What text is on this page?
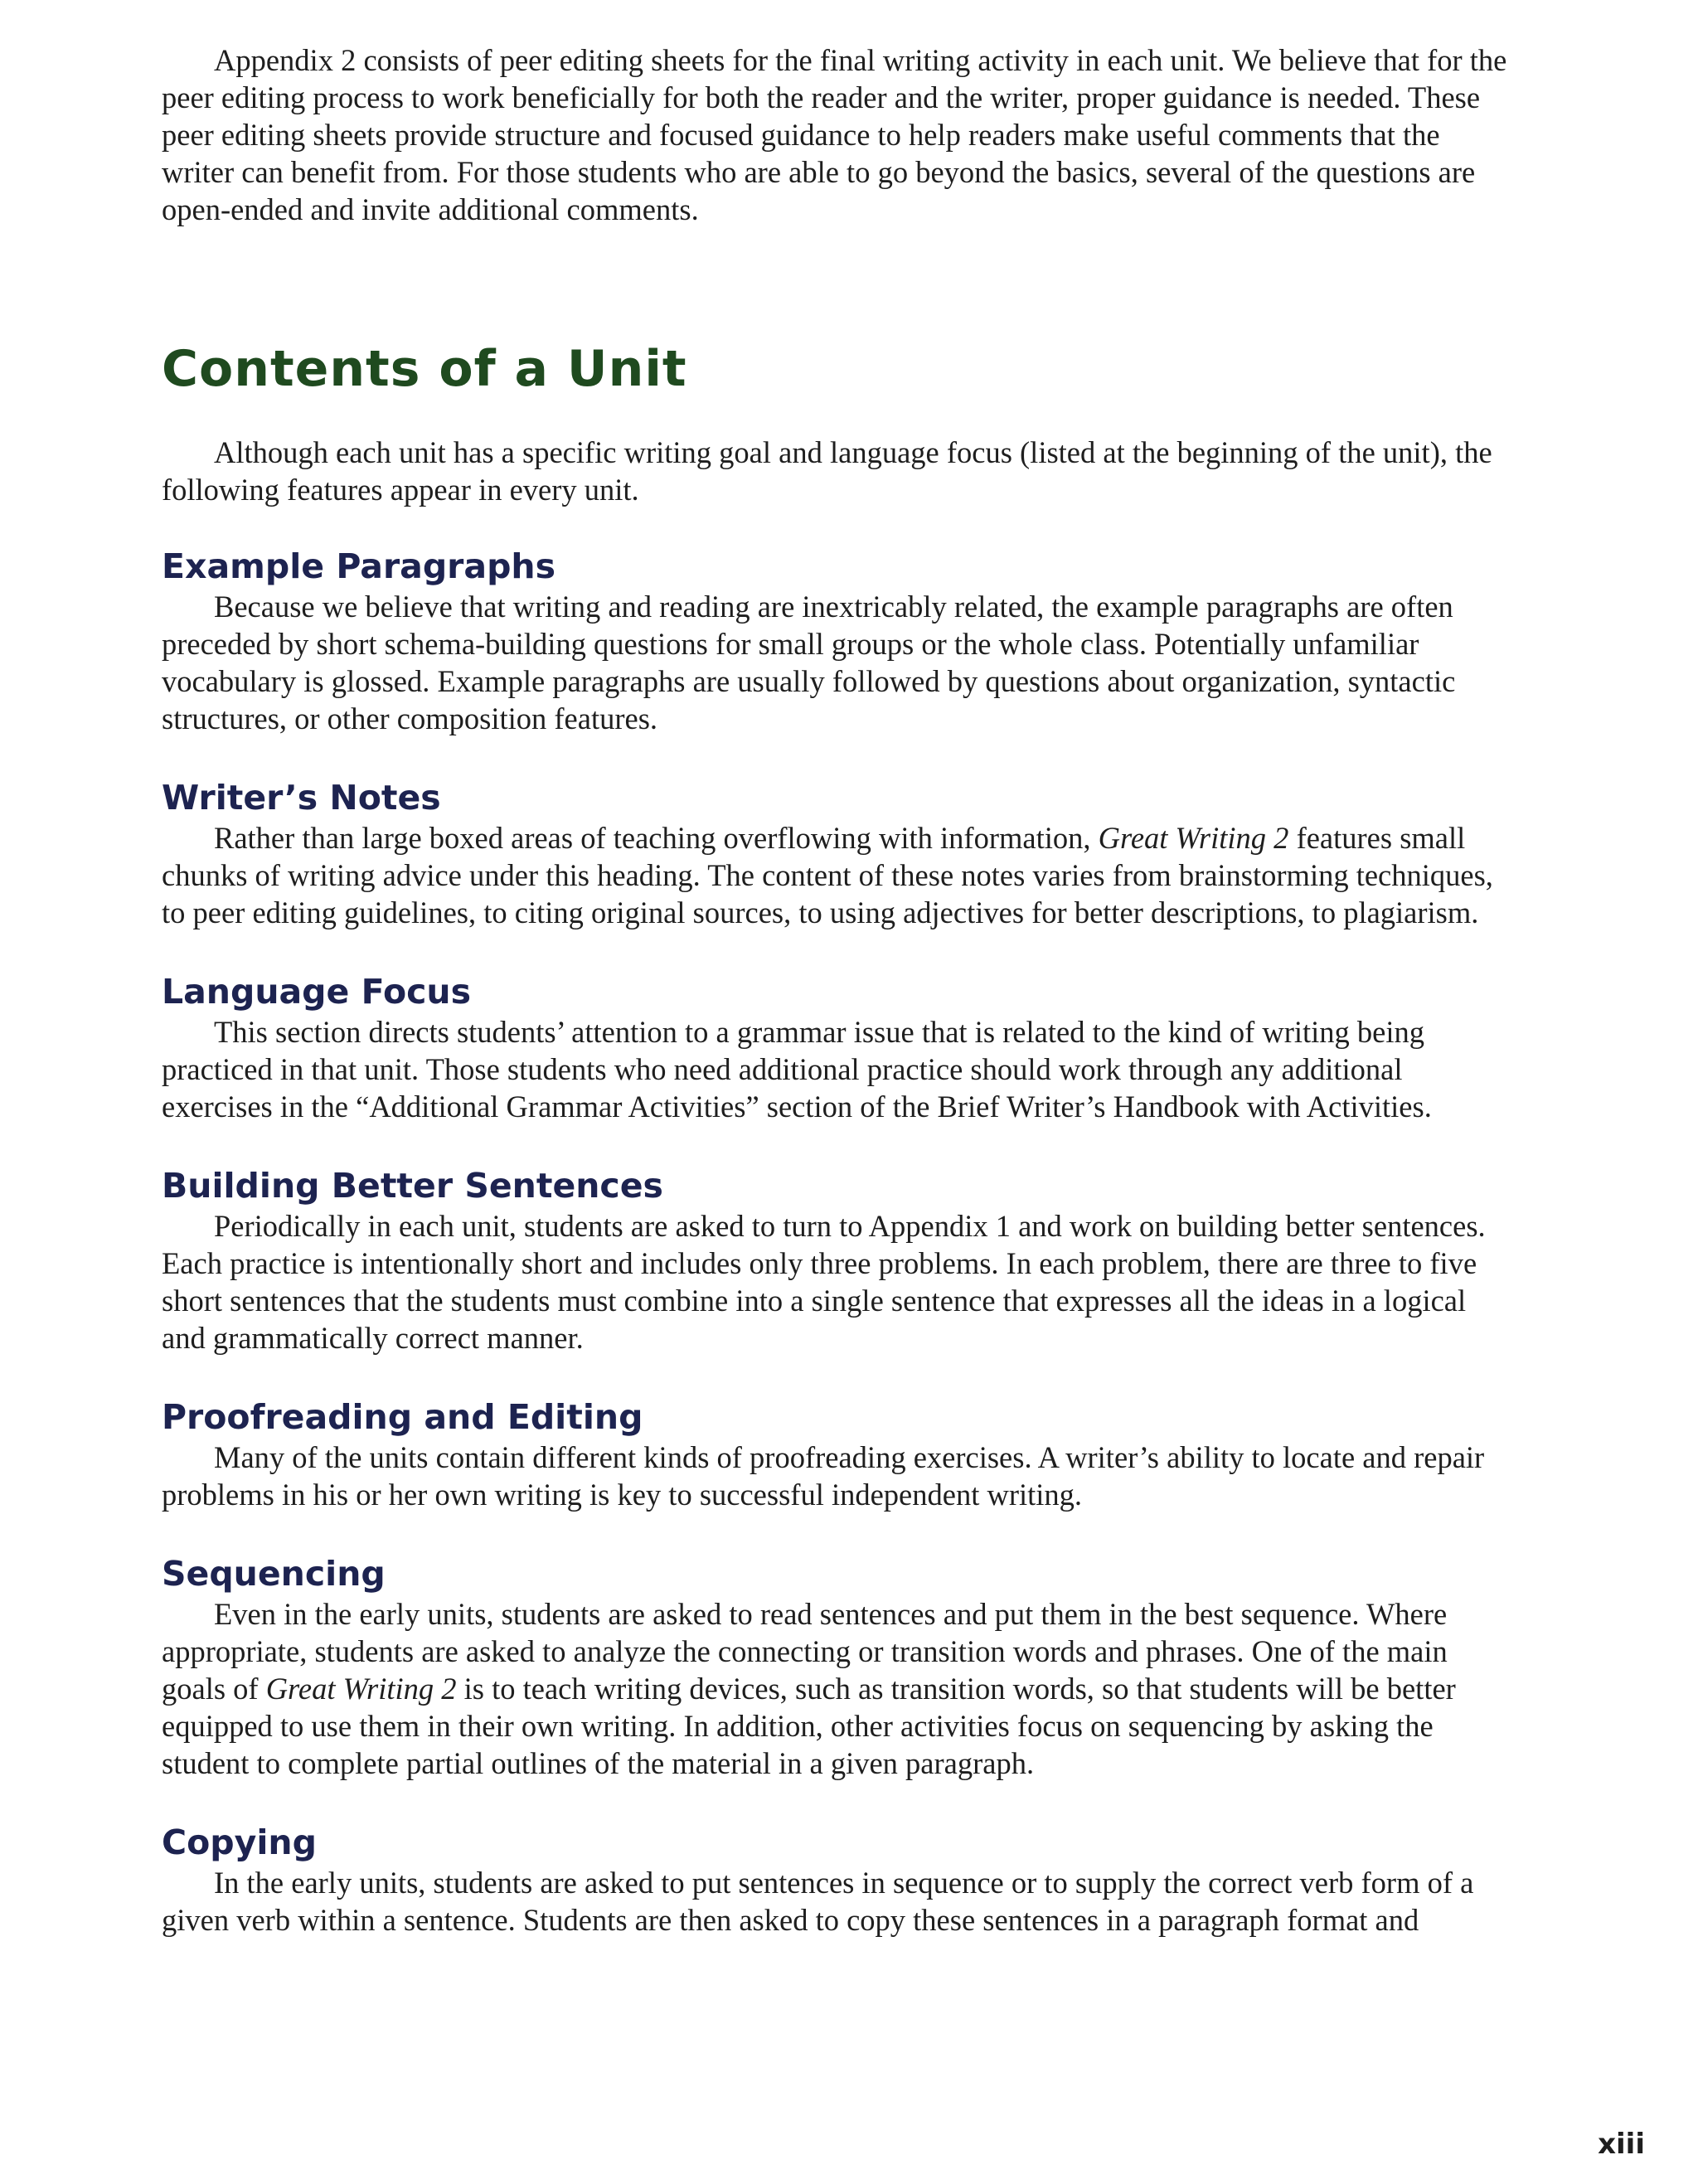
Appendix 2 consists of peer editing sheets for the final writing activity in each unit. We believe that for the peer editing process to work beneficially for both the reader and the writer, proper guidance is needed. These peer editing sheets provide structure and focused guidance to help readers make useful comments that the writer can benefit from. For those students who are able to go beyond the basics, several of the questions are open-ended and invite additional comments.

Contents of a Unit

Although each unit has a specific writing goal and language focus (listed at the beginning of the unit), the following features appear in every unit.

Example Paragraphs

Because we believe that writing and reading are inextricably related, the example paragraphs are often preceded by short schema-building questions for small groups or the whole class. Potentially unfamiliar vocabulary is glossed. Example paragraphs are usually followed by questions about organization, syntactic structures, or other composition features.

Writer’s Notes

Rather than large boxed areas of teaching overflowing with information, Great Writing 2 features small chunks of writing advice under this heading. The content of these notes varies from brainstorming techniques, to peer editing guidelines, to citing original sources, to using adjectives for better descriptions, to plagiarism.

Language Focus

This section directs students’ attention to a grammar issue that is related to the kind of writing being practiced in that unit. Those students who need additional practice should work through any additional exercises in the “Additional Grammar Activities” section of the Brief Writer’s Handbook with Activities.

Building Better Sentences

Periodically in each unit, students are asked to turn to Appendix 1 and work on building better sentences. Each practice is intentionally short and includes only three problems. In each problem, there are three to five short sentences that the students must combine into a single sentence that expresses all the ideas in a logical and grammatically correct manner.

Proofreading and Editing

Many of the units contain different kinds of proofreading exercises. A writer’s ability to locate and repair problems in his or her own writing is key to successful independent writing.

Sequencing

Even in the early units, students are asked to read sentences and put them in the best sequence. Where appropriate, students are asked to analyze the connecting or transition words and phrases. One of the main goals of Great Writing 2 is to teach writing devices, such as transition words, so that students will be better equipped to use them in their own writing. In addition, other activities focus on sequencing by asking the student to complete partial outlines of the material in a given paragraph.

Copying

In the early units, students are asked to put sentences in sequence or to supply the correct verb form of a given verb within a sentence. Students are then asked to copy these sentences in a paragraph format and

xiii
